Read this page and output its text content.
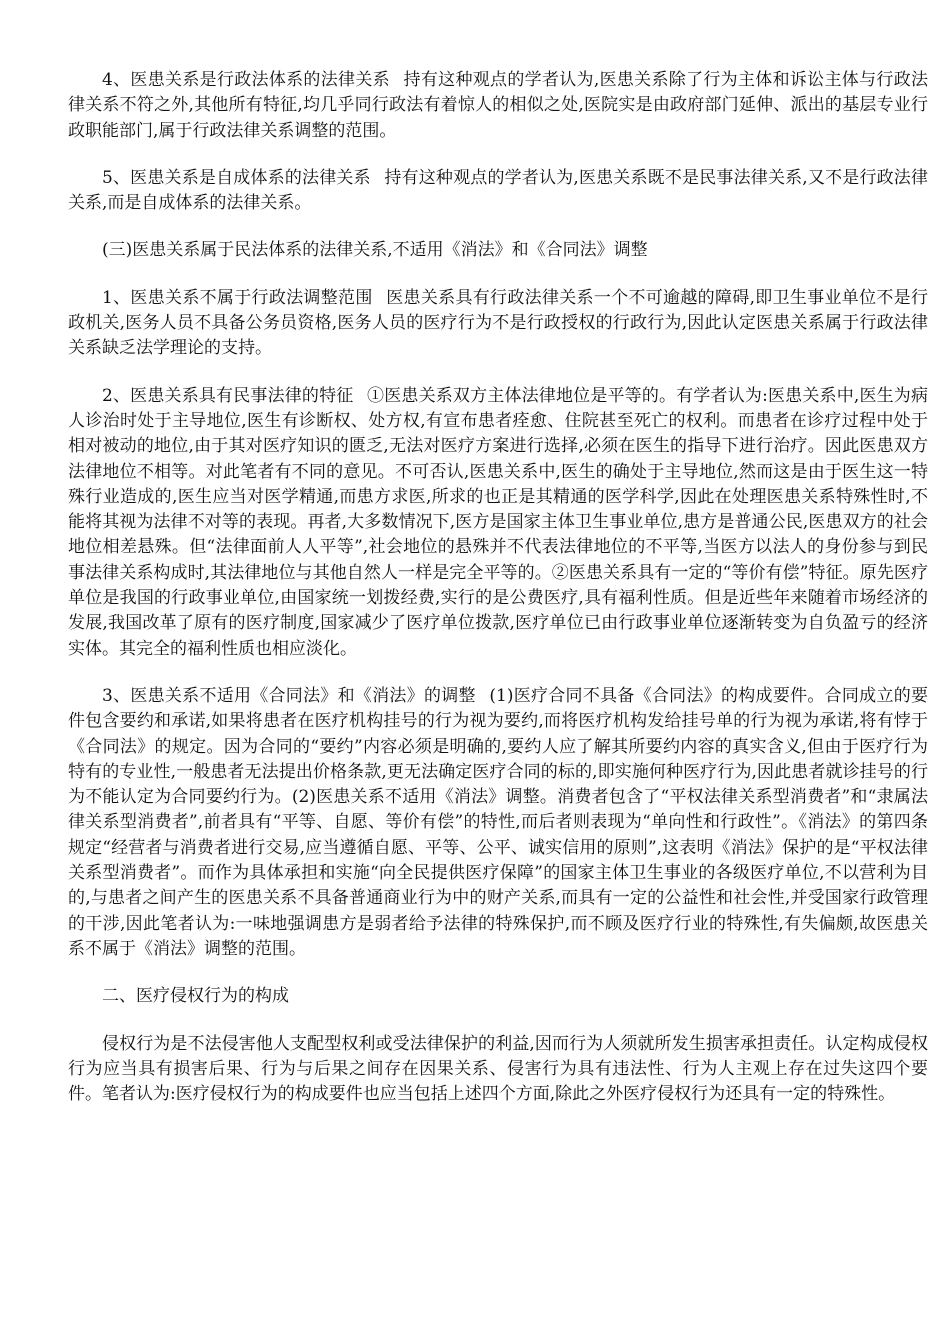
4、医患关系是行政法体系的法律关系 持有这种观点的学者认为,医患关系除了行为主体和诉讼主体与行政法律关系不符之外,其他所有特征,均几乎同行政法有着惊人的相似之处,医院实是由政府部门延伸、派出的基层专业行政职能部门,属于行政法律关系调整的范围。

5、医患关系是自成体系的法律关系 持有这种观点的学者认为,医患关系既不是民事法律关系,又不是行政法律关系,而是自成体系的法律关系。

(三)医患关系属于民法体系的法律关系,不适用《消法》和《合同法》调整

1、医患关系不属于行政法调整范围 医患关系具有行政法律关系一个不可逾越的障碍,即卫生事业单位不是行政机关,医务人员不具备公务员资格,医务人员的医疗行为不是行政授权的行政行为,因此认定医患关系属于行政法律关系缺乏法学理论的支持。

2、医患关系具有民事法律的特征 ①医患关系双方主体法律地位是平等的。有学者认为:医患关系中,医生为病人诊治时处于主导地位,医生有诊断权、处方权,有宣布患者痊愈、住院甚至死亡的权利。而患者在诊疗过程中处于相对被动的地位,由于其对医疗知识的匮乏,无法对医疗方案进行选择,必须在医生的指导下进行治疗。因此医患双方法律地位不相等。对此笔者有不同的意见。不可否认,医患关系中,医生的确处于主导地位,然而这是由于医生这一特殊行业造成的,医生应当对医学精通,而患方求医,所求的也正是其精通的医学科学,因此在处理医患关系特殊性时,不能将其视为法律不对等的表现。再者,大多数情况下,医方是国家主体卫生事业单位,患方是普通公民,医患双方的社会地位相差悬殊。但“法律面前人人平等”,社会地位的悬殊并不代表法律地位的不平等,当医方以法人的身份参与到民事法律关系构成时,其法律地位与其他自然人一样是完全平等的。②医患关系具有一定的“等价有偿”特征。原先医疗单位是我国的行政事业单位,由国家统一划拨经费,实行的是公费医疗,具有福利性质。但是近些年来随着市场经济的发展,我国改革了原有的医疗制度,国家减少了医疗单位拨款,医疗单位已由行政事业单位逐渐转变为自负盈亏的经济实体。其完全的福利性质也相应淡化。

3、医患关系不适用《合同法》和《消法》的调整 (1)医疗合同不具备《合同法》的构成要件。合同成立的要件包含要约和承诺,如果将患者在医疗机构挂号的行为视为要约,而将医疗机构发给挂号单的行为视为承诺,将有悖于《合同法》的规定。因为合同的“要约”内容必须是明确的,要约人应了解其所要约内容的真实含义,但由于医疗行为特有的专业性,一般患者无法提出价格条款,更无法确定医疗合同的标的,即实施何种医疗行为,因此患者就诊挂号的行为不能认定为合同要约行为。(2)医患关系不适用《消法》调整。消费者包含了“平权法律关系型消费者”和“隶属法律关系型消费者”,前者具有“平等、自愿、等价有偿”的特性,而后者则表现为“单向性和行政性”。《消法》的第四条规定“经营者与消费者进行交易,应当遵循自愿、平等、公平、诚实信用的原则”,这表明《消法》保护的是“平权法律关系型消费者”。而作为具体承担和实施“向全民提供医疗保障”的国家主体卫生事业的各级医疗单位,不以营利为目的,与患者之间产生的医患关系不具备普通商业行为中的财产关系,而具有一定的公益性和社会性,并受国家行政管理的干涉,因此笔者认为:一味地强调患方是弱者给予法律的特殊保护,而不顾及医疗行业的特殊性,有失偏颇,故医患关系不属于《消法》调整的范围。

二、医疗侵权行为的构成

侵权行为是不法侵害他人支配型权利或受法律保护的利益,因而行为人须就所发生损害承担责任。认定构成侵权行为应当具有损害后果、行为与后果之间存在因果关系、侵害行为具有违法性、行为人主观上存在过失这四个要件。笔者认为:医疗侵权行为的构成要件也应当包括上述四个方面,除此之外医疗侵权行为还具有一定的特殊性。
